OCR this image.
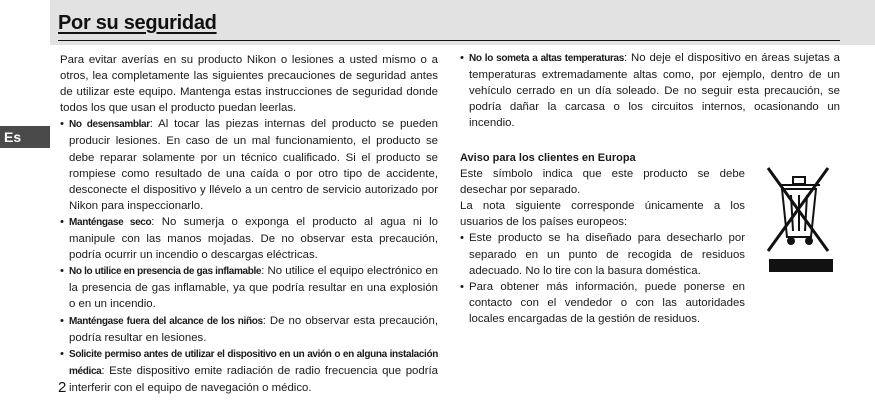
Por su seguridad
Es
2

Para evitar averías en su producto Nikon o lesiones a usted mismo o a otros, lea completamente las siguientes precauciones de seguridad antes de utilizar este equipo. Mantenga estas instrucciones de seguridad donde todos los que usan el producto puedan leerlas.

• No desensamblar: Al tocar las piezas internas del producto se pueden producir lesiones. En caso de un mal funcionamiento, el producto se debe reparar solamente por un técnico cualificado. Si el producto se rompiese como resultado de una caída o por otro tipo de accidente, desconecte el dispositivo y llévelo a un centro de servicio autorizado por Nikon para inspeccionarlo.
• Manténgase seco: No sumerja o exponga el producto al agua ni lo manipule con las manos mojadas. De no observar esta precaución, podría ocurrir un incendio o descargas eléctricas.
• No lo utilice en presencia de gas inflamable: No utilice el equipo electrónico en la presencia de gas inflamable, ya que podría resultar en una explosión o en un incendio.
• Manténgase fuera del alcance de los niños: De no observar esta precaución, podría resultar en lesiones.
• Solicite permiso antes de utilizar el dispositivo en un avión o en alguna instalación médica: Este dispositivo emite radiación de radio frecuencia que podría interferir con el equipo de navegación o médico.
• No lo someta a altas temperaturas: No deje el dispositivo en áreas sujetas a temperaturas extremadamente altas como, por ejemplo, dentro de un vehículo cerrado en un día soleado. De no seguir esta precaución, se podría dañar la carcasa o los circuitos internos, ocasionando un incendio.
Aviso para los clientes en Europa

Este símbolo indica que este producto se debe desechar por separado.

La nota siguiente corresponde únicamente a los usuarios de los países europeos:

• Este producto se ha diseñado para desecharlo por separado en un punto de recogida de residuos adecuado. No lo tire con la basura doméstica.
• Para obtener más información, puede ponerse en contacto con el vendedor o con las autoridades locales encargadas de la gestión de residuos.
